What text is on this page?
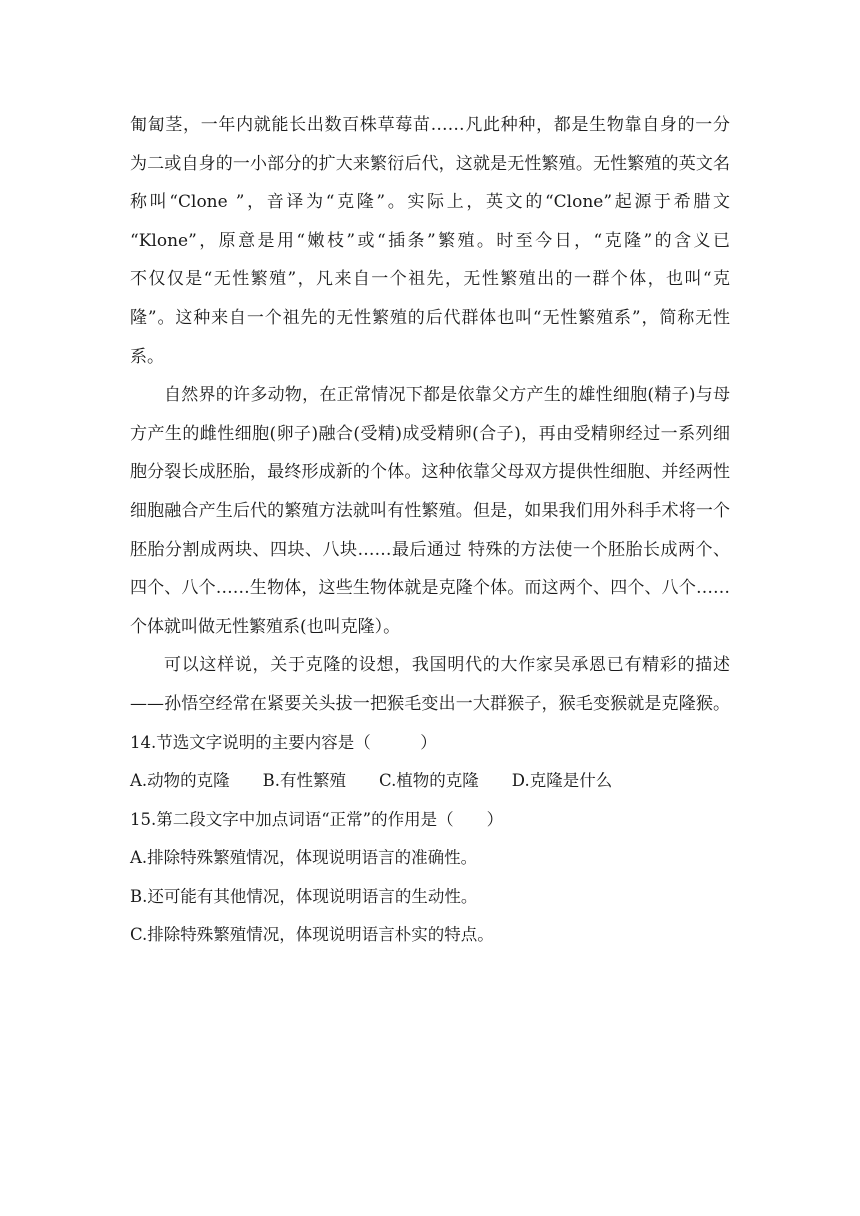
匍匐茎，一年内就能长出数百株草莓苗……凡此种种，都是生物靠自身的一分
为二或自身的一小部分的扩大来繁衍后代，这就是无性繁殖。无性繁殖的英文名
称叫“Clone ”，音译为“克隆”。实际上，英文的“Clone”起源于希腊文
“Klone”，原意是用“嫩枝”或“插条”繁殖。时至今日，“克隆”的含义已
不仅仅是“无性繁殖”，凡来自一个祖先，无性繁殖出的一群个体，也叫“克
隆”。这种来自一个祖先的无性繁殖的后代群体也叫“无性繁殖系”，简称无性
系。
自然界的许多动物，在正常情况下都是依靠父方产生的雄性细胞(精子)与母
方产生的雌性细胞(卵子)融合(受精)成受精卵(合子)，再由受精卵经过一系列细
胞分裂长成胚胎，最终形成新的个体。这种依靠父母双方提供性细胞、并经两性
细胞融合产生后代的繁殖方法就叫有性繁殖。但是，如果我们用外科手术将一个
胚胎分割成两块、四块、八块……最后通过 特殊的方法使一个胚胎长成两个、
四个、八个……生物体，这些生物体就是克隆个体。而这两个、四个、八个……
个体就叫做无性繁殖系(也叫克隆）。
可以这样说，关于克隆的设想，我国明代的大作家吴承恩已有精彩的描述
——孙悟空经常在紧要关头拔一把猴毛变出一大群猴子，猴毛变猴就是克隆猴。
14.节选文字说明的主要内容是（　　　）
A.动物的克隆　　B.有性繁殖　　C.植物的克隆　　D.克隆是什么
15.第二段文字中加点词语“正常”的作用是（　　）
A.排除特殊繁殖情况，体现说明语言的准确性。
B.还可能有其他情况，体现说明语言的生动性。
C.排除特殊繁殖情况，体现说明语言朴实的特点。
